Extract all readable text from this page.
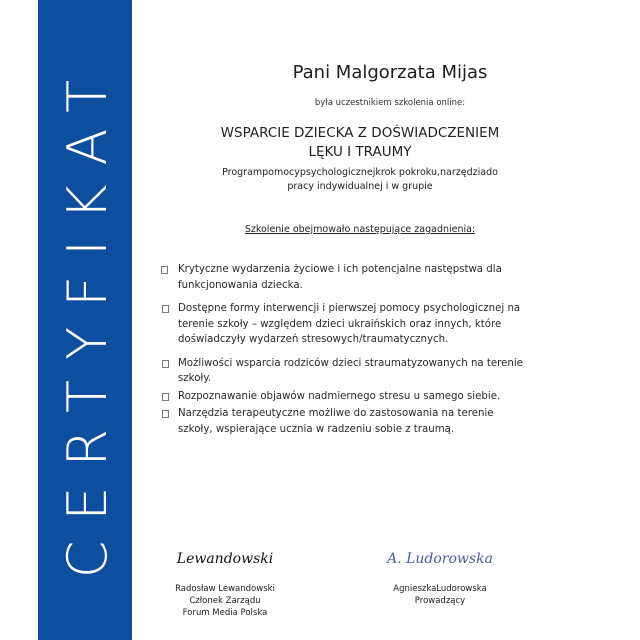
CERTYFIKAT	Pani Malgorzata Mijas
była uczestnikiem szkolenia online:
WSPARCIE DZIECKA Z DOŚWIADCZENIEM
LĘKU I TRAUMY
Programpomocypsychologicznejkrok pokroku,narzędziado
pracy indywidualnej i w grupie
Szkolenie obejmowało następujące zagadnienia:
Krytyczne wydarzenia życiowe i ich potencjalne następstwa dla funkcjonowania dziecka.
Dostępne formy interwencji i pierwszej pomocy psychologicznej na terenie szkoły – względem dzieci ukraińskich oraz innych, które doświadczyły wydarzeń stresowych/traumatycznych.
Możliwości wsparcia rodziców dzieci straumatyzowanych na terenie szkoły.
Rozpoznawanie objawów nadmiernego stresu u samego siebie.
Narzędzia terapeutyczne możliwe do zastosowania na terenie szkoły, wspierające ucznia w radzeniu sobie z traumą.
Lewandowski
Radosław Lewandowski
Członek Zarządu
Forum Media Polska
A. Ludorowska
AgnieszkaLudorowska
Prowadzący
